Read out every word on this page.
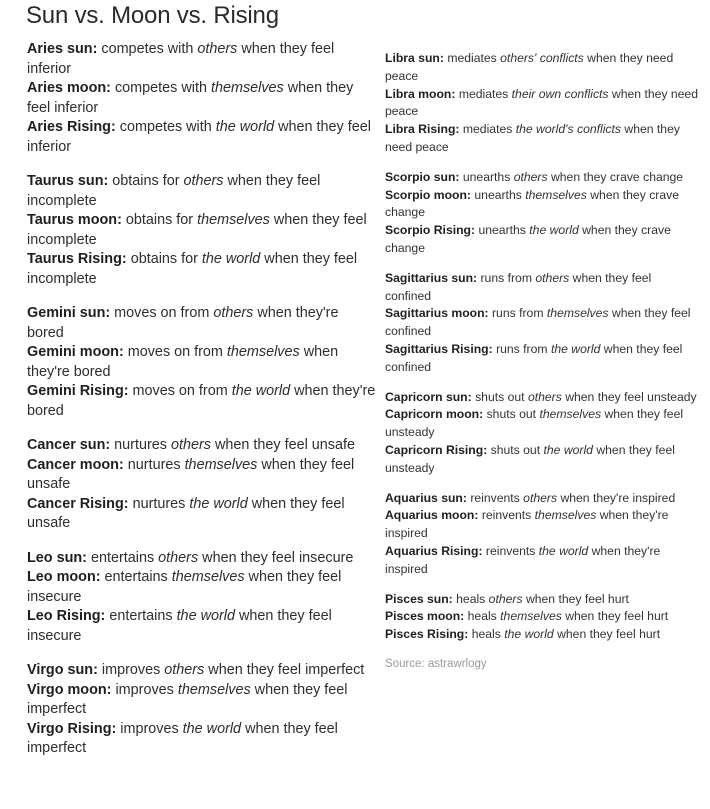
Sun vs. Moon vs. Rising
Aries sun: competes with others when they feel inferior
Aries moon: competes with themselves when they feel inferior
Aries Rising: competes with the world when they feel inferior
Taurus sun: obtains for others when they feel incomplete
Taurus moon: obtains for themselves when they feel incomplete
Taurus Rising: obtains for the world when they feel incomplete
Gemini sun: moves on from others when they're bored
Gemini moon: moves on from themselves when they're bored
Gemini Rising: moves on from the world when they're bored
Cancer sun: nurtures others when they feel unsafe
Cancer moon: nurtures themselves when they feel unsafe
Cancer Rising: nurtures the world when they feel unsafe
Leo sun: entertains others when they feel insecure
Leo moon: entertains themselves when they feel insecure
Leo Rising: entertains the world when they feel insecure
Virgo sun: improves others when they feel imperfect
Virgo moon: improves themselves when they feel imperfect
Virgo Rising: improves the world when they feel imperfect
Libra sun: mediates others' conflicts when they need peace
Libra moon: mediates their own conflicts when they need peace
Libra Rising: mediates the world's conflicts when they need peace
Scorpio sun: unearths others when they crave change
Scorpio moon: unearths themselves when they crave change
Scorpio Rising: unearths the world when they crave change
Sagittarius sun: runs from others when they feel confined
Sagittarius moon: runs from themselves when they feel confined
Sagittarius Rising: runs from the world when they feel confined
Capricorn sun: shuts out others when they feel unsteady
Capricorn moon: shuts out themselves when they feel unsteady
Capricorn Rising: shuts out the world when they feel unsteady
Aquarius sun: reinvents others when they're inspired
Aquarius moon: reinvents themselves when they're inspired
Aquarius Rising: reinvents the world when they're inspired
Pisces sun: heals others when they feel hurt
Pisces moon: heals themselves when they feel hurt
Pisces Rising: heals the world when they feel hurt
Source: astrawrlogy
